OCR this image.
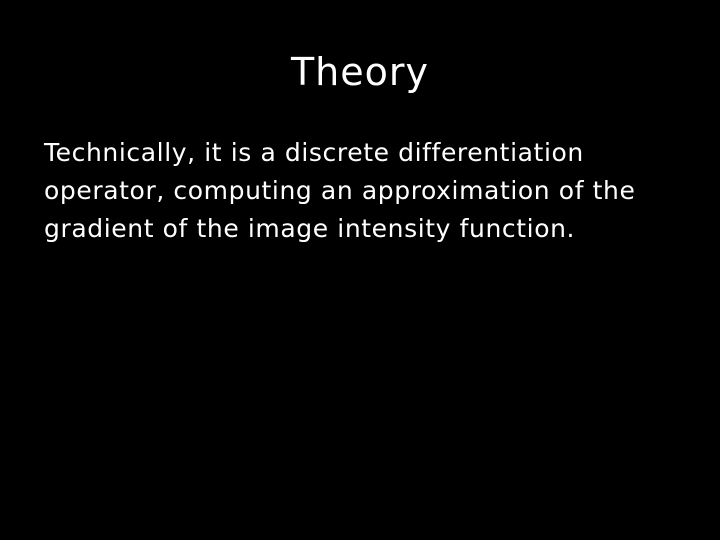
Theory

Technically, it is a discrete differentiation operator, computing an approximation of the gradient of the image intensity function.
